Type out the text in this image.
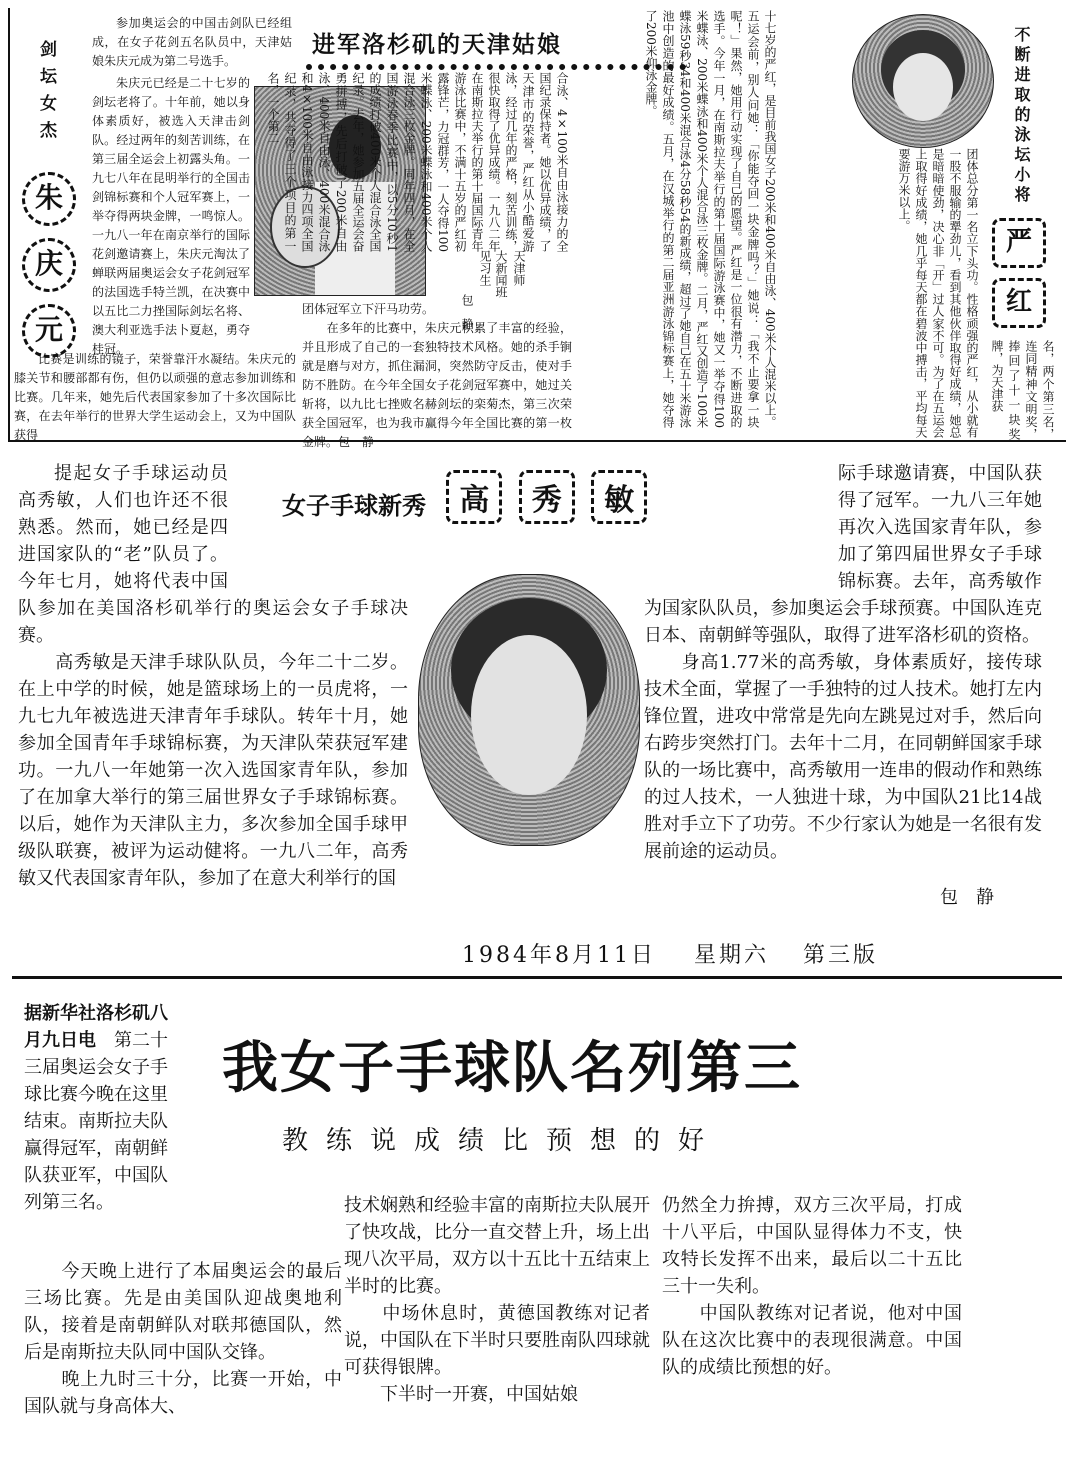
剑坛女杰
朱
庆
元
参加奥运会的中国击剑队已经组成，在女子花剑五名队员中，天津姑娘朱庆元成为第二号选手。
朱庆元已经是二十七岁的剑坛老将了。十年前，她以身体素质好，被选入天津击剑队。经过两年的刻苦训练，在第三届全运会上初露头角。一九七八年在昆明举行的全国击剑锦标赛和个人冠军赛上，一举夺得两块金牌，一鸣惊人。一九八一年在南京举行的国际花剑邀请赛上，朱庆元淘汰了蝉联两届奥运会女子花剑冠军的法国选手特兰凯，在决赛中以五比二力挫国际剑坛名将、澳大利亚选手法卜夏赵，勇夺桂冠。
比赛是训练的镜子，荣誉靠汗水凝结。朱庆元的膝关节和腰部都有伤，但仍以顽强的意志参加训练和比赛。几年来，她先后代表国家参加了十多次国际比赛，在去年举行的世界大学生运动会上，又为中国队获得
进军洛杉矶的天津姑娘
天津师
大新闻班
见习生
包　静
团体冠军立下汗马功劳。
　　在多年的比赛中，朱庆元积累了丰富的经验，并且形成了自己的一套独特技术风格。她的杀手锏就是磨与对方，抓住漏洞，突然防守反击，使对手防不胜防。在今年全国女子花剑冠军赛中，她过关斩将，以九比七挫败名赫剑坛的栾菊杰，第三次荣获全国冠军，也为我市赢得今年全国比赛的第一枚金牌。包　静
合泳、4×100米自由泳接力的全国纪录保持者。她以优异成绩，了天津市的荣誉，严红从小酷爱游泳，经过几年的严格，刻苦训练，很快取得了优异成绩。一九八二年在南斯拉夫举行的第十届国际青年游泳比赛中，不满十五岁的严红初露锋芒，力冠群芳，一人夺得100米蝶泳、200米蝶泳和400米个人混合泳三枚金牌。同年四月，在全国游泳春季比赛中，以5分10秒1的成绩打破400米个人混合泳全国纪录。去年，她参加五届全运会奋勇拼搏，先后打破了200米自由泳、400米自由泳、400米混合泳和4×100米自由泳接力四项全国纪录，共夺得了三个项目的第一名，一个第二	十七岁的严红，是目前我国女子200米和400米自由泳、400米个人混米以上。五运会前，别人问她：「你能夺回一块金牌吗？」她说：「我不止要拿一块呢！」果然，她用行动实现了自己的愿望。严红是一位很有潜力，不断进取的选手。今年一月，在南斯拉夫举行的第十届国际游泳赛中，她又一举夺得100米蝶泳、200米蝶泳和400米个人混合泳三枚金牌。二月，严红又创造了100米蝶泳59秒34和400米混合泳4分58秒54的新成绩，超过了她自己在五十米游泳池中创造的最好成绩。五月，在汉城举行的第二届亚洲游泳锦标赛上，她夺得了200米仰泳金牌。
团体总分第一名立下头功。性格顽强的严红，从小就有一股不服输的犟劲儿，看到其他伙伴取得好成绩，她总是暗暗使劲，决心非「开」过人家不可。为了在五运会上取得好成绩，她几乎每天都在碧波中搏击，平均每天要游万米以上。
名，两个第三名，连同精神文明奖，捧回了十一块奖牌，为天津获
不断进取的泳坛小将
严
红
女子手球新秀 高 秀 敏
提起女子手球运动员高秀敏，人们也许还不很熟悉。然而，她已经是四进国家队的“老”队员了。今年七月，她将代表中国队参加在美国洛杉矶举行的奥运会女子手球决赛。
　　高秀敏是天津手球队队员，今年二十二岁。在上中学的时候，她是篮球场上的一员虎将，一九七九年被选进天津青年手球队。转年十月，她参加全国青年手球锦标赛，为天津队荣获冠军建功。一九八一年她第一次入选国家青年队，参加了在加拿大举行的第三届世界女子手球锦标赛。以后，她作为天津队主力，多次参加全国手球甲级队联赛，被评为运动健将。一九八二年，高秀敏又代表国家青年队，参加了在意大利举行的国
际手球邀请赛，中国队获得了冠军。一九八三年她再次入选国家青年队，参加了第四届世界女子手球锦标赛。去年，高秀敏作为国家队队员，参加奥运会手球预赛。中国队连克日本、南朝鲜等强队，取得了进军洛杉矶的资格。
　　身高1.77米的高秀敏，身体素质好，接传球技术全面，掌握了一手独特的过人技术。她打左内锋位置，进攻中常常是先向左跳晃过对手，然后向右跨步突然打门。去年十二月，在同朝鲜国家手球队的一场比赛中，高秀敏用一连串的假动作和熟练的过人技术，一人独进十球，为中国队21比14战胜对手立下了功劳。不少行家认为她是一名很有发展前途的运动员。
包　静
1984年8月11日 星期六 第三版
据新华社洛杉矶八月九日电　第二十三届奥运会女子手球比赛今晚在这里结束。南斯拉夫队赢得冠军，南朝鲜队获亚军，中国队列第三名。
我女子手球队名列第三
教练说成绩比预想的好
　　今天晚上进行了本届奥运会的最后三场比赛。先是由美国队迎战奥地利队，接着是南朝鲜队对联邦德国队，然后是南斯拉夫队同中国队交锋。
　　晚上九时三十分，比赛一开始，中国队就与身高体大、
技术娴熟和经验丰富的南斯拉夫队展开了快攻战，比分一直交替上升，场上出现八次平局，双方以十五比十五结束上半时的比赛。
　　中场休息时，黄德国教练对记者说，中国队在下半时只要胜南队四球就可获得银牌。
　　下半时一开赛，中国姑娘
仍然全力拚搏，双方三次平局，打成十八平后，中国队显得体力不支，快攻特长发挥不出来，最后以二十五比三十一失利。
　　中国队教练对记者说，他对中国队在这次比赛中的表现很满意。中国队的成绩比预想的好。
